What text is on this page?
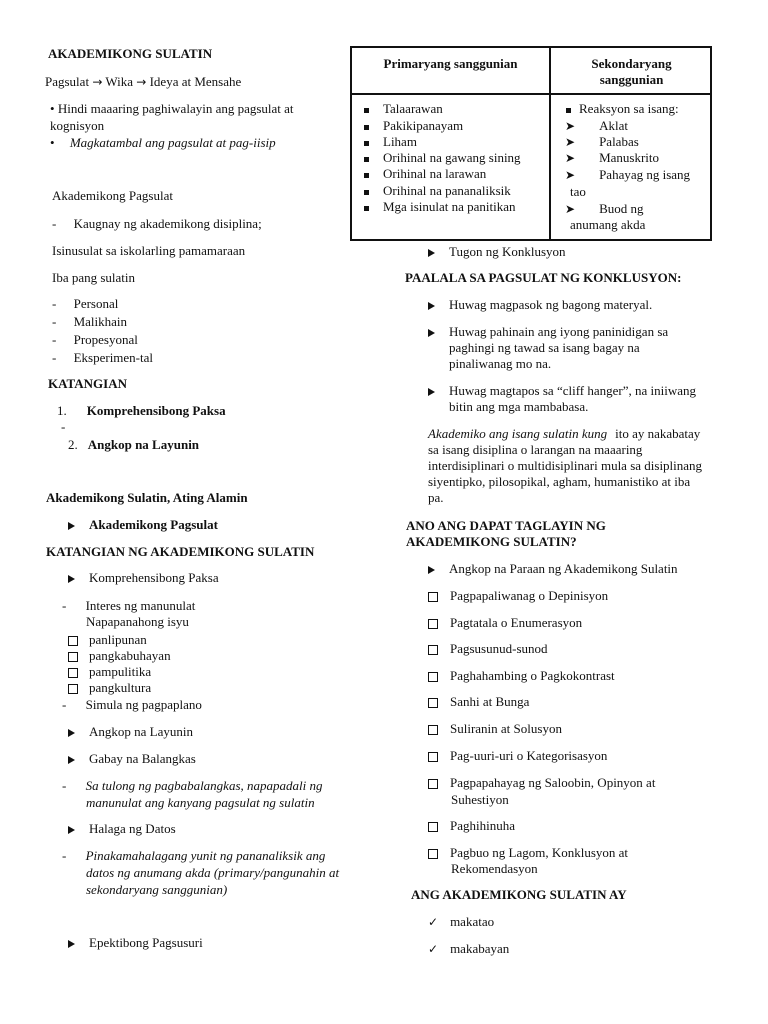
AKADEMIKONG SULATIN
Pagsulat → Wika → Ideya at Mensahe
• Hindi maaaring paghiwalayin ang pagsulat at
kognisyon
• Magkatambal ang pagsulat at pag-iisip
Akademikong Pagsulat
- Kaugnay ng akademikong disiplina;
Isinusulat sa iskolarling pamamaraan
Iba pang sulatin
- Personal
- Malikhain
- Propesyonal
- Eksperimen-tal
KATANGIAN
1. Komprehensibong Paksa
-
2. Angkop na Layunin
Akademikong Sulatin, Ating Alamin
Akademikong Pagsulat
KATANGIAN NG AKADEMIKONG SULATIN
Komprehensibong Paksa
- Interes ng manunulat
Napapanahong isyu
panlipunan
pangkabuhayan
pampulitika
pangkultura
- Simula ng pagpaplano
Angkop na Layunin
Gabay na Balangkas
- Sa tulong ng pagbabalangkas, napapadali ng
manunulat ang kanyang pagsulat ng sulatin
Halaga ng Datos
- Pinakamahalagang yunit ng pananaliksik ang
datos ng anumang akda (primary/pangunahin at
sekondaryang sanggunian)
Epektibong Pagsusuri
Primaryang sanggunian	Sekondaryang
sanggunian
Talaarawan
Pakikipanayam
Liham
Orihinal na gawang sining
Orihinal na larawan
Orihinal na pananaliksik
Mga isinulat na panitikan
Reaksyon sa isang:
➤ Aklat
➤ Palabas
➤ Manuskrito
➤ Pahayag ng isang
tao
➤ Buod ng
anumang akda
Tugon ng Konklusyon
PAALALA SA PAGSULAT NG KONKLUSYON:
Huwag magpasok ng bagong materyal.
Huwag pahinain ang iyong paninidigan sa
paghingi ng tawad sa isang bagay na
pinaliwanag mo na.
Huwag magtapos sa “cliff hanger”, na iniiwang
bitin ang mga mambabasa.
Akademiko ang isang sulatin kung ito ay nakabatay
sa isang disiplina o larangan na maaaring
interdisiplinari o multidisiplinari mula sa disiplinang
siyentipko, pilosopikal, agham, humanistiko at iba
pa.
ANO ANG DAPAT TAGLAYIN NG
AKADEMIKONG SULATIN?
Angkop na Paraan ng Akademikong Sulatin
Pagpapaliwanag o Depinisyon
Pagtatala o Enumerasyon
Pagsusunud-sunod
Paghahambing o Pagkokontrast
Sanhi at Bunga
Suliranin at Solusyon
Pag-uuri-uri o Kategorisasyon
Pagpapahayag ng Saloobin, Opinyon at
Suhestiyon
Paghihinuha
Pagbuo ng Lagom, Konklusyon at
Rekomendasyon
ANG AKADEMIKONG SULATIN AY
✓ makatao
✓ makabayan
